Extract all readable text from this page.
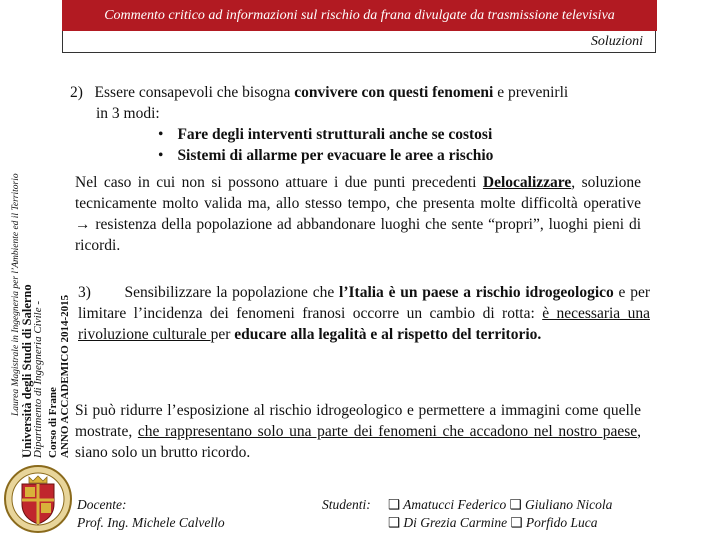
Laurea Magistrale in Ingegneria per l’Ambiente ed il Territorio Università degli Studi di Salerno
Dipartimento di Ingegneria Civile - Corso di Frane ANNO ACCADEMICO 2014-2015
Commento critico ad informazioni sul rischio da frana divulgate da trasmissione televisiva
Soluzioni
2) Essere consapevoli che bisogna convivere con questi fenomeni e prevenirli
in 3 modi:
• Fare degli interventi strutturali anche se costosi
• Sistemi di allarme per evacuare le aree a rischio
Nel caso in cui non si possono attuare i due punti precedenti Delocalizzare, soluzione tecnicamente molto valida ma, allo stesso tempo, che presenta molte difficoltà operative → resistenza della popolazione ad abbandonare luoghi che sente “propri”, luoghi pieni di ricordi.
3) Sensibilizzare la popolazione che l’Italia è un paese a rischio idrogeologico e per limitare l’incidenza dei fenomeni franosi occorre un cambio di rotta: è necessaria una rivoluzione culturale per educare alla legalità e al rispetto del territorio.
Si può ridurre l’esposizione al rischio idrogeologico e permettere a immagini come quelle mostrate, che rappresentano solo una parte dei fenomeni che accadono nel nostro paese, siano solo un brutto ricordo.
Docente:
Prof. Ing. Michele Calvello
Studenti: ❑ Amatucci Federico ❑ Giuliano Nicola
❑ Di Grezia Carmine ❑ Porfido Luca
